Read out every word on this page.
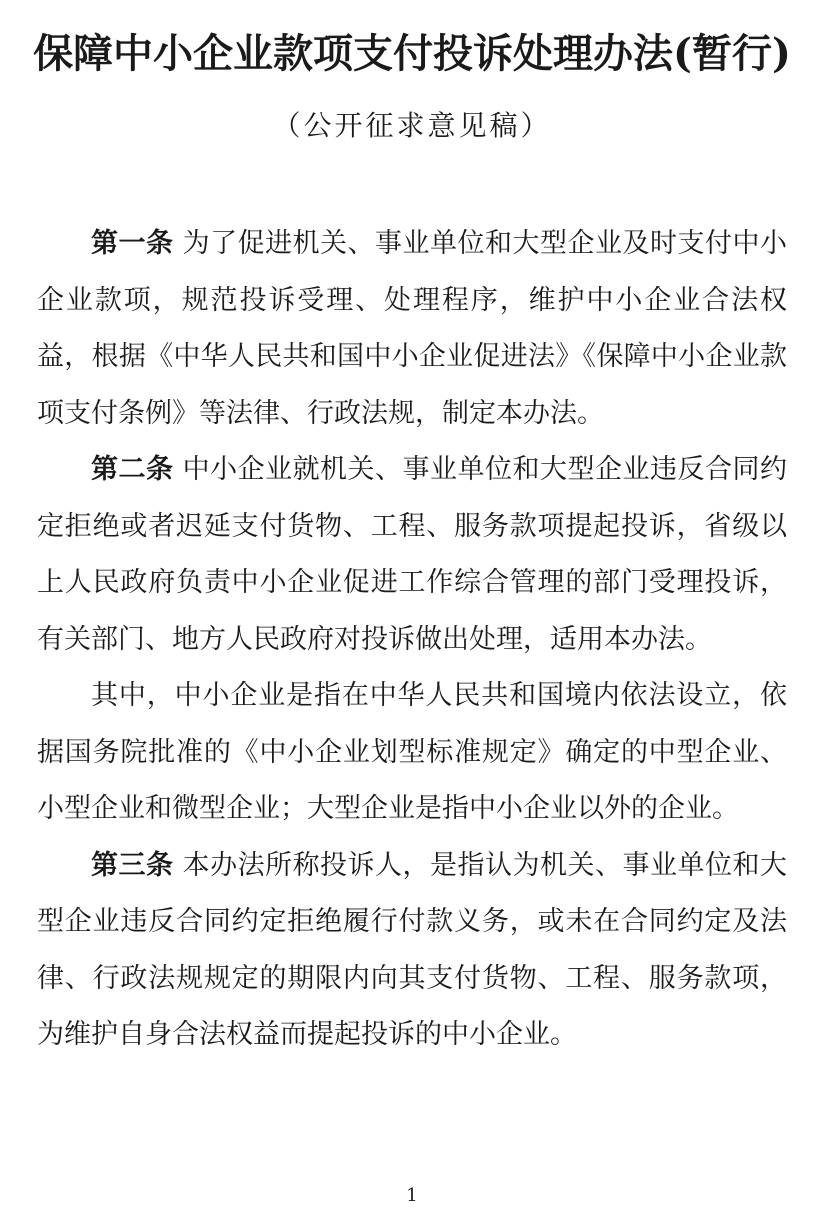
保障中小企业款项支付投诉处理办法(暂行)
（公开征求意见稿）

第一条 为了促进机关、事业单位和大型企业及时支付中小企业款项，规范投诉受理、处理程序，维护中小企业合法权益，根据《中华人民共和国中小企业促进法》《保障中小企业款项支付条例》等法律、行政法规，制定本办法。

第二条 中小企业就机关、事业单位和大型企业违反合同约定拒绝或者迟延支付货物、工程、服务款项提起投诉，省级以上人民政府负责中小企业促进工作综合管理的部门受理投诉，有关部门、地方人民政府对投诉做出处理，适用本办法。

其中，中小企业是指在中华人民共和国境内依法设立，依据国务院批准的《中小企业划型标准规定》确定的中型企业、小型企业和微型企业；大型企业是指中小企业以外的企业。

第三条 本办法所称投诉人，是指认为机关、事业单位和大型企业违反合同约定拒绝履行付款义务，或未在合同约定及法律、行政法规规定的期限内向其支付货物、工程、服务款项，为维护自身合法权益而提起投诉的中小企业。

1
